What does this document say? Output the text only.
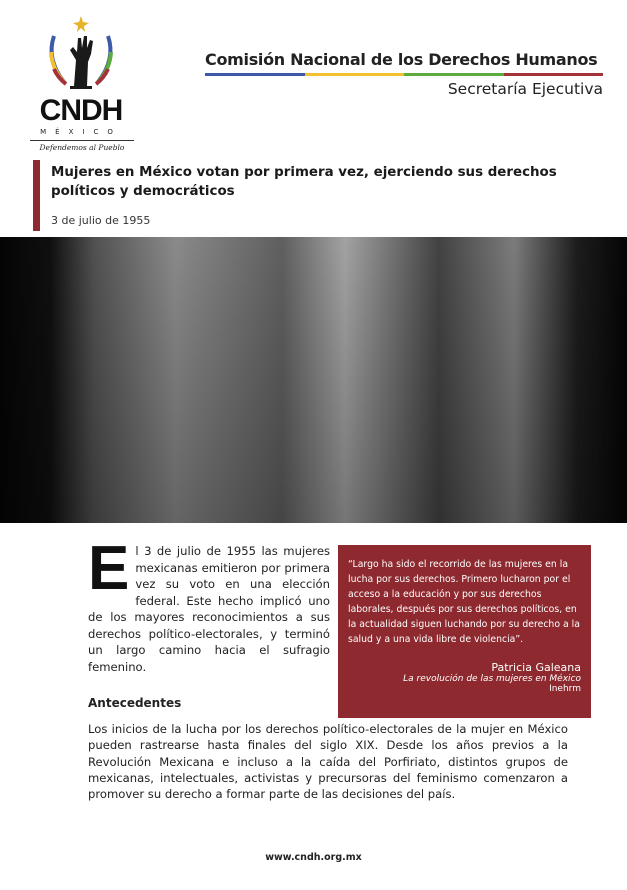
CNDH
MÉXICO
Defendemos al Pueblo
Comisión Nacional de los Derechos Humanos
Secretaría Ejecutiva
Mujeres en México votan por primera vez, ejerciendo sus derechos políticos y democráticos
3 de julio de 1955
El 3 de julio de 1955 las mujeres mexicanas emitieron por primera vez su voto en una elección federal. Este hecho implicó uno de los mayores reconocimientos a sus derechos político-electorales, y terminó un largo camino hacia el sufragio femenino.
“Largo ha sido el recorrido de las mujeres en la lucha por sus derechos. Primero lucharon por el acceso a la educación y por sus derechos laborales, después por sus derechos políticos, en la actualidad siguen luchando por su derecho a la salud y a una vida libre de violencia”.
Patricia Galeana
La revolución de las mujeres en México
Inehrm
Antecedentes
Los inicios de la lucha por los derechos político-electorales de la mujer en México pueden rastrearse hasta finales del siglo XIX. Desde los años previos a la Revolución Mexicana e incluso a la caída del Porfiriato, distintos grupos de mexicanas, intelectuales, activistas y precursoras del feminismo comenzaron a promover su derecho a formar parte de las decisiones del país.
www.cndh.org.mx
